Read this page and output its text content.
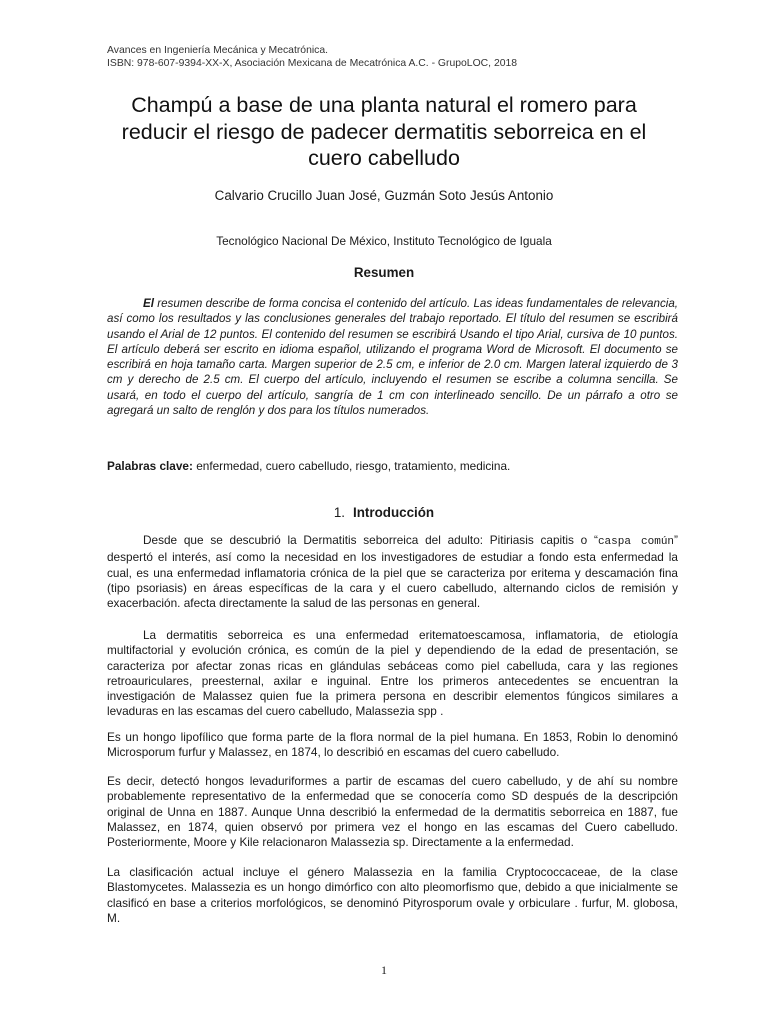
Avances en Ingeniería Mecánica y Mecatrónica.
ISBN: 978-607-9394-XX-X, Asociación Mexicana de Mecatrónica A.C. - GrupoLOC, 2018
Champú a base de una planta natural el romero para reducir el riesgo de padecer dermatitis seborreica en el cuero cabelludo
Calvario Crucillo Juan José, Guzmán Soto Jesús Antonio
Tecnológico Nacional De México, Instituto Tecnológico de Iguala
Resumen
El resumen describe de forma concisa el contenido del artículo. Las ideas fundamentales de relevancia, así como los resultados y las conclusiones generales del trabajo reportado. El título del resumen se escribirá usando el Arial de 12 puntos. El contenido del resumen se escribirá Usando el tipo Arial, cursiva de 10 puntos. El artículo deberá ser escrito en idioma español, utilizando el programa Word de Microsoft. El documento se escribirá en hoja tamaño carta. Margen superior de 2.5 cm, e inferior de 2.0 cm. Margen lateral izquierdo de 3 cm y derecho de 2.5 cm. El cuerpo del artículo, incluyendo el resumen se escribe a columna sencilla. Se usará, en todo el cuerpo del artículo, sangría de 1 cm con interlineado sencillo. De un párrafo a otro se agregará un salto de renglón y dos para los títulos numerados.
Palabras clave: enfermedad, cuero cabelludo, riesgo, tratamiento, medicina.
1. Introducción
Desde que se descubrió la Dermatitis seborreica del adulto: Pitiriasis capitis o “caspa común” despertó el interés, así como la necesidad en los investigadores de estudiar a fondo esta enfermedad la cual, es una enfermedad inflamatoria crónica de la piel que se caracteriza por eritema y descamación fina (tipo psoriasis) en áreas específicas de la cara y el cuero cabelludo, alternando ciclos de remisión y exacerbación. afecta directamente la salud de las personas en general.
La dermatitis seborreica es una enfermedad eritematoescamosa, inflamatoria, de etiología multifactorial y evolución crónica, es común de la piel y dependiendo de la edad de presentación, se caracteriza por afectar zonas ricas en glándulas sebáceas como piel cabelluda, cara y las regiones retroauriculares, preesternal, axilar e inguinal. Entre los primeros antecedentes se encuentran la investigación de Malassez quien fue la primera persona en describir elementos fúngicos similares a levaduras en las escamas del cuero cabelludo, Malassezia spp .
Es un hongo lipofílico que forma parte de la flora normal de la piel humana. En 1853, Robin lo denominó Microsporum furfur y Malassez, en 1874, lo describió en escamas del cuero cabelludo.
Es decir, detectó hongos levaduriformes a partir de escamas del cuero cabelludo, y de ahí su nombre probablemente representativo de la enfermedad que se conocería como SD después de la descripción original de Unna en 1887. Aunque Unna describió la enfermedad de la dermatitis seborreica en 1887, fue Malassez, en 1874, quien observó por primera vez el hongo en las escamas del Cuero cabelludo. Posteriormente, Moore y Kile relacionaron Malassezia sp. Directamente a la enfermedad.
La clasificación actual incluye el género Malassezia en la familia Cryptococcaceae, de la clase Blastomycetes. Malassezia es un hongo dimórfico con alto pleomorfismo que, debido a que inicialmente se clasificó en base a criterios morfológicos, se denominó Pityrosporum ovale y orbiculare . furfur, M. globosa, M.
1
